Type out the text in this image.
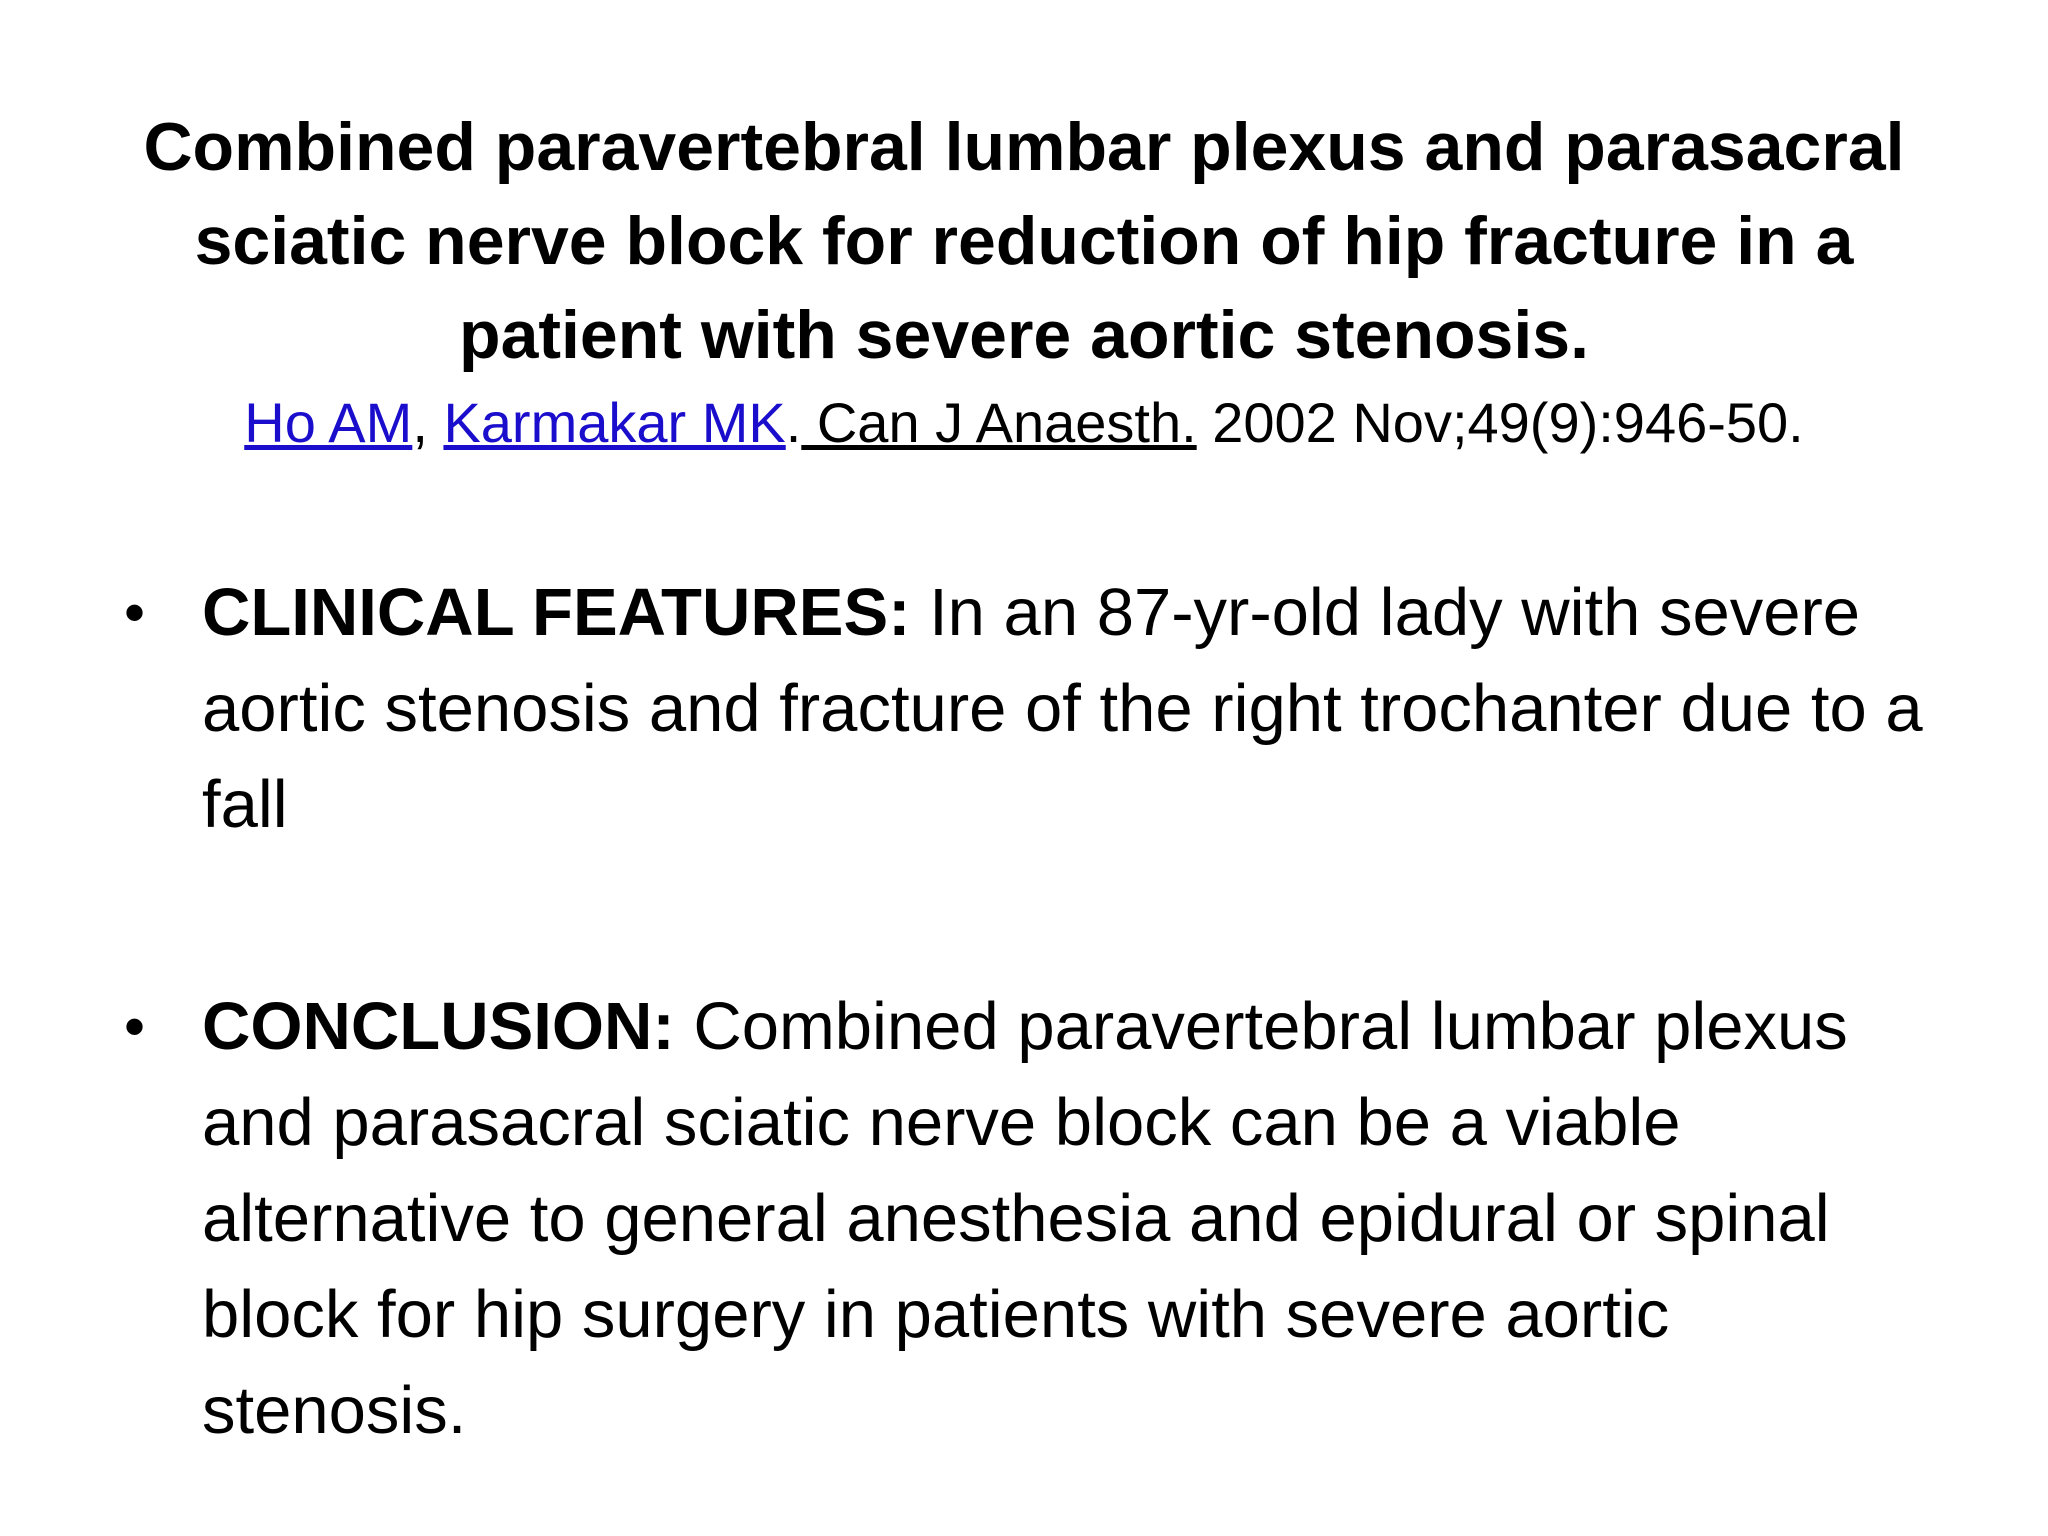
Combined paravertebral lumbar plexus and parasacral sciatic nerve block for reduction of hip fracture in a patient with severe aortic stenosis.
Ho AM, Karmakar MK. Can J Anaesth. 2002 Nov;49(9):946-50.
• CLINICAL FEATURES: In an 87-yr-old lady with severe aortic stenosis and fracture of the right trochanter due to a fall
• CONCLUSION: Combined paravertebral lumbar plexus and parasacral sciatic nerve block can be a viable alternative to general anesthesia and epidural or spinal block for hip surgery in patients with severe aortic stenosis.
